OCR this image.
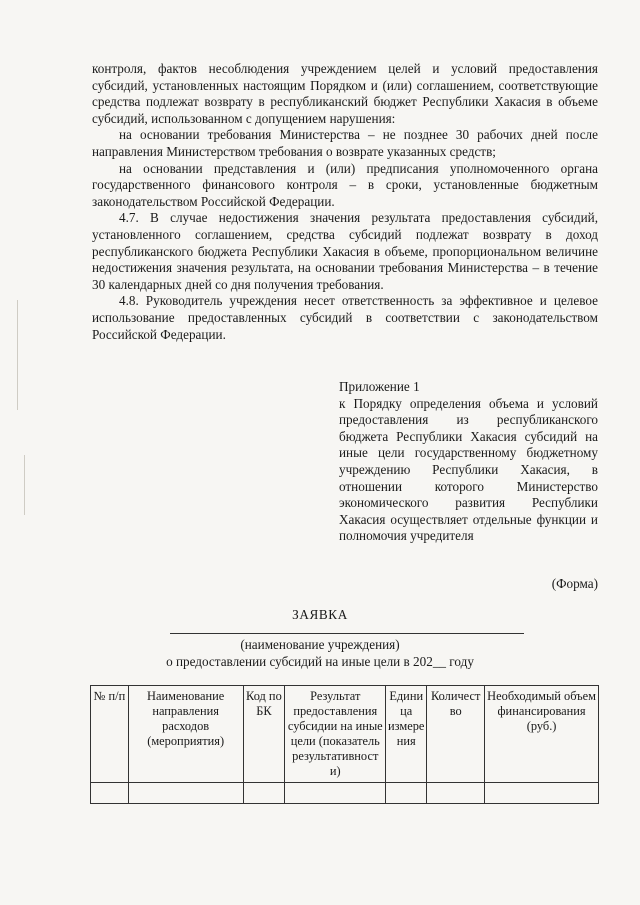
контроля, фактов несоблюдения учреждением целей и условий предоставления субсидий, установленных настоящим Порядком и (или) соглашением, соответствующие средства подлежат возврату в республиканский бюджет Республики Хакасия в объеме субсидий, использованном с допущением нарушения:

на основании требования Министерства – не позднее 30 рабочих дней после направления Министерством требования о возврате указанных средств;

на основании представления и (или) предписания уполномоченного органа государственного финансового контроля – в сроки, установленные бюджетным законодательством Российской Федерации.

4.7. В случае недостижения значения результата предоставления субсидий, установленного соглашением, средства субсидий подлежат возврату в доход республиканского бюджета Республики Хакасия в объеме, пропорциональном величине недостижения значения результата, на основании требования Министерства – в течение 30 календарных дней со дня получения требования.

4.8. Руководитель учреждения несет ответственность за эффективное и целевое использование предоставленных субсидий в соответствии с законодательством Российской Федерации.

Приложение 1

к Порядку определения объема и условий предоставления из республиканского бюджета Республики Хакасия субсидий на иные цели государственному бюджетному учреждению Республики Хакасия, в отношении которого Министерство экономического развития Республики Хакасия осуществляет отдельные функции и полномочия учредителя

(Форма)
ЗАЯВКА
(наименование учреждения)
о предоставлении субсидий на иные цели в 202__ году
№ п/п	Наименование направления расходов (мероприятия)	Код по БК	Результат предоставления субсидии на иные цели (показатель результативност и)	Едини ца измере ния	Количест во	Необходимый объем финансирования (руб.)
